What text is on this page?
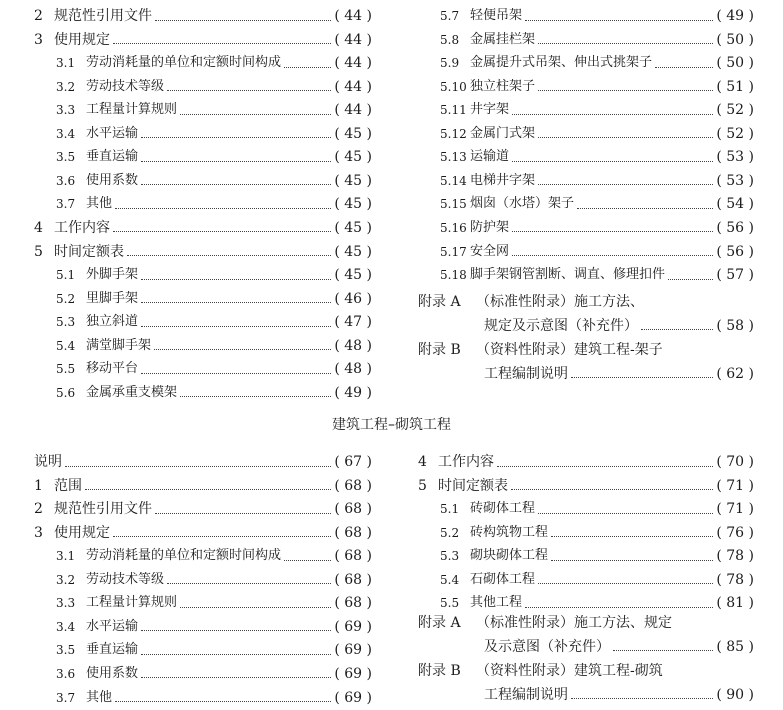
2 规范性引用文件	( 44 )
3 使用规定	( 44 )
3.1 劳动消耗量的单位和定额时间构成	( 44 )
3.2 劳动技术等级	( 44 )
3.3 工程量计算规则	( 44 )
3.4 水平运输	( 45 )
3.5 垂直运输	( 45 )
3.6 使用系数	( 45 )
3.7 其他	( 45 )
4 工作内容	( 45 )
5 时间定额表	( 45 )
5.1 外脚手架	( 45 )
5.2 里脚手架	( 46 )
5.3 独立斜道	( 47 )
5.4 满堂脚手架	( 48 )
5.5 移动平台	( 48 )
5.6 金属承重支模架	( 49 )
5.7 轻便吊架	( 49 )
5.8 金属挂栏架	( 50 )
5.9 金属提升式吊架、伸出式挑架子	( 50 )
5.10 独立柱架子	( 51 )
5.11 井字架	( 52 )
5.12 金属门式架	( 52 )
5.13 运输道	( 53 )
5.14 电梯井字架	( 53 )
5.15 烟囱（水塔）架子	( 54 )
5.16 防护架	( 56 )
5.17 安全网	( 56 )
5.18 脚手架钢管割断、调直、修理扣件	( 57 )
附录 A （标准性附录）施工方法、
规定及示意图（补充件）	( 58 )
附录 B （资料性附录）建筑工程-架子
工程编制说明	( 62 )
建筑工程–砌筑工程
说明	( 67 )
1 范围	( 68 )
2 规范性引用文件	( 68 )
3 使用规定	( 68 )
3.1 劳动消耗量的单位和定额时间构成	( 68 )
3.2 劳动技术等级	( 68 )
3.3 工程量计算规则	( 68 )
3.4 水平运输	( 69 )
3.5 垂直运输	( 69 )
3.6 使用系数	( 69 )
3.7 其他	( 69 )
4 工作内容	( 70 )
5 时间定额表	( 71 )
5.1 砖砌体工程	( 71 )
5.2 砖构筑物工程	( 76 )
5.3 砌块砌体工程	( 78 )
5.4 石砌体工程	( 78 )
5.5 其他工程	( 81 )
附录 A （标准性附录）施工方法、规定
及示意图（补充件）	( 85 )
附录 B （资料性附录）建筑工程-砌筑
工程编制说明	( 90 )
